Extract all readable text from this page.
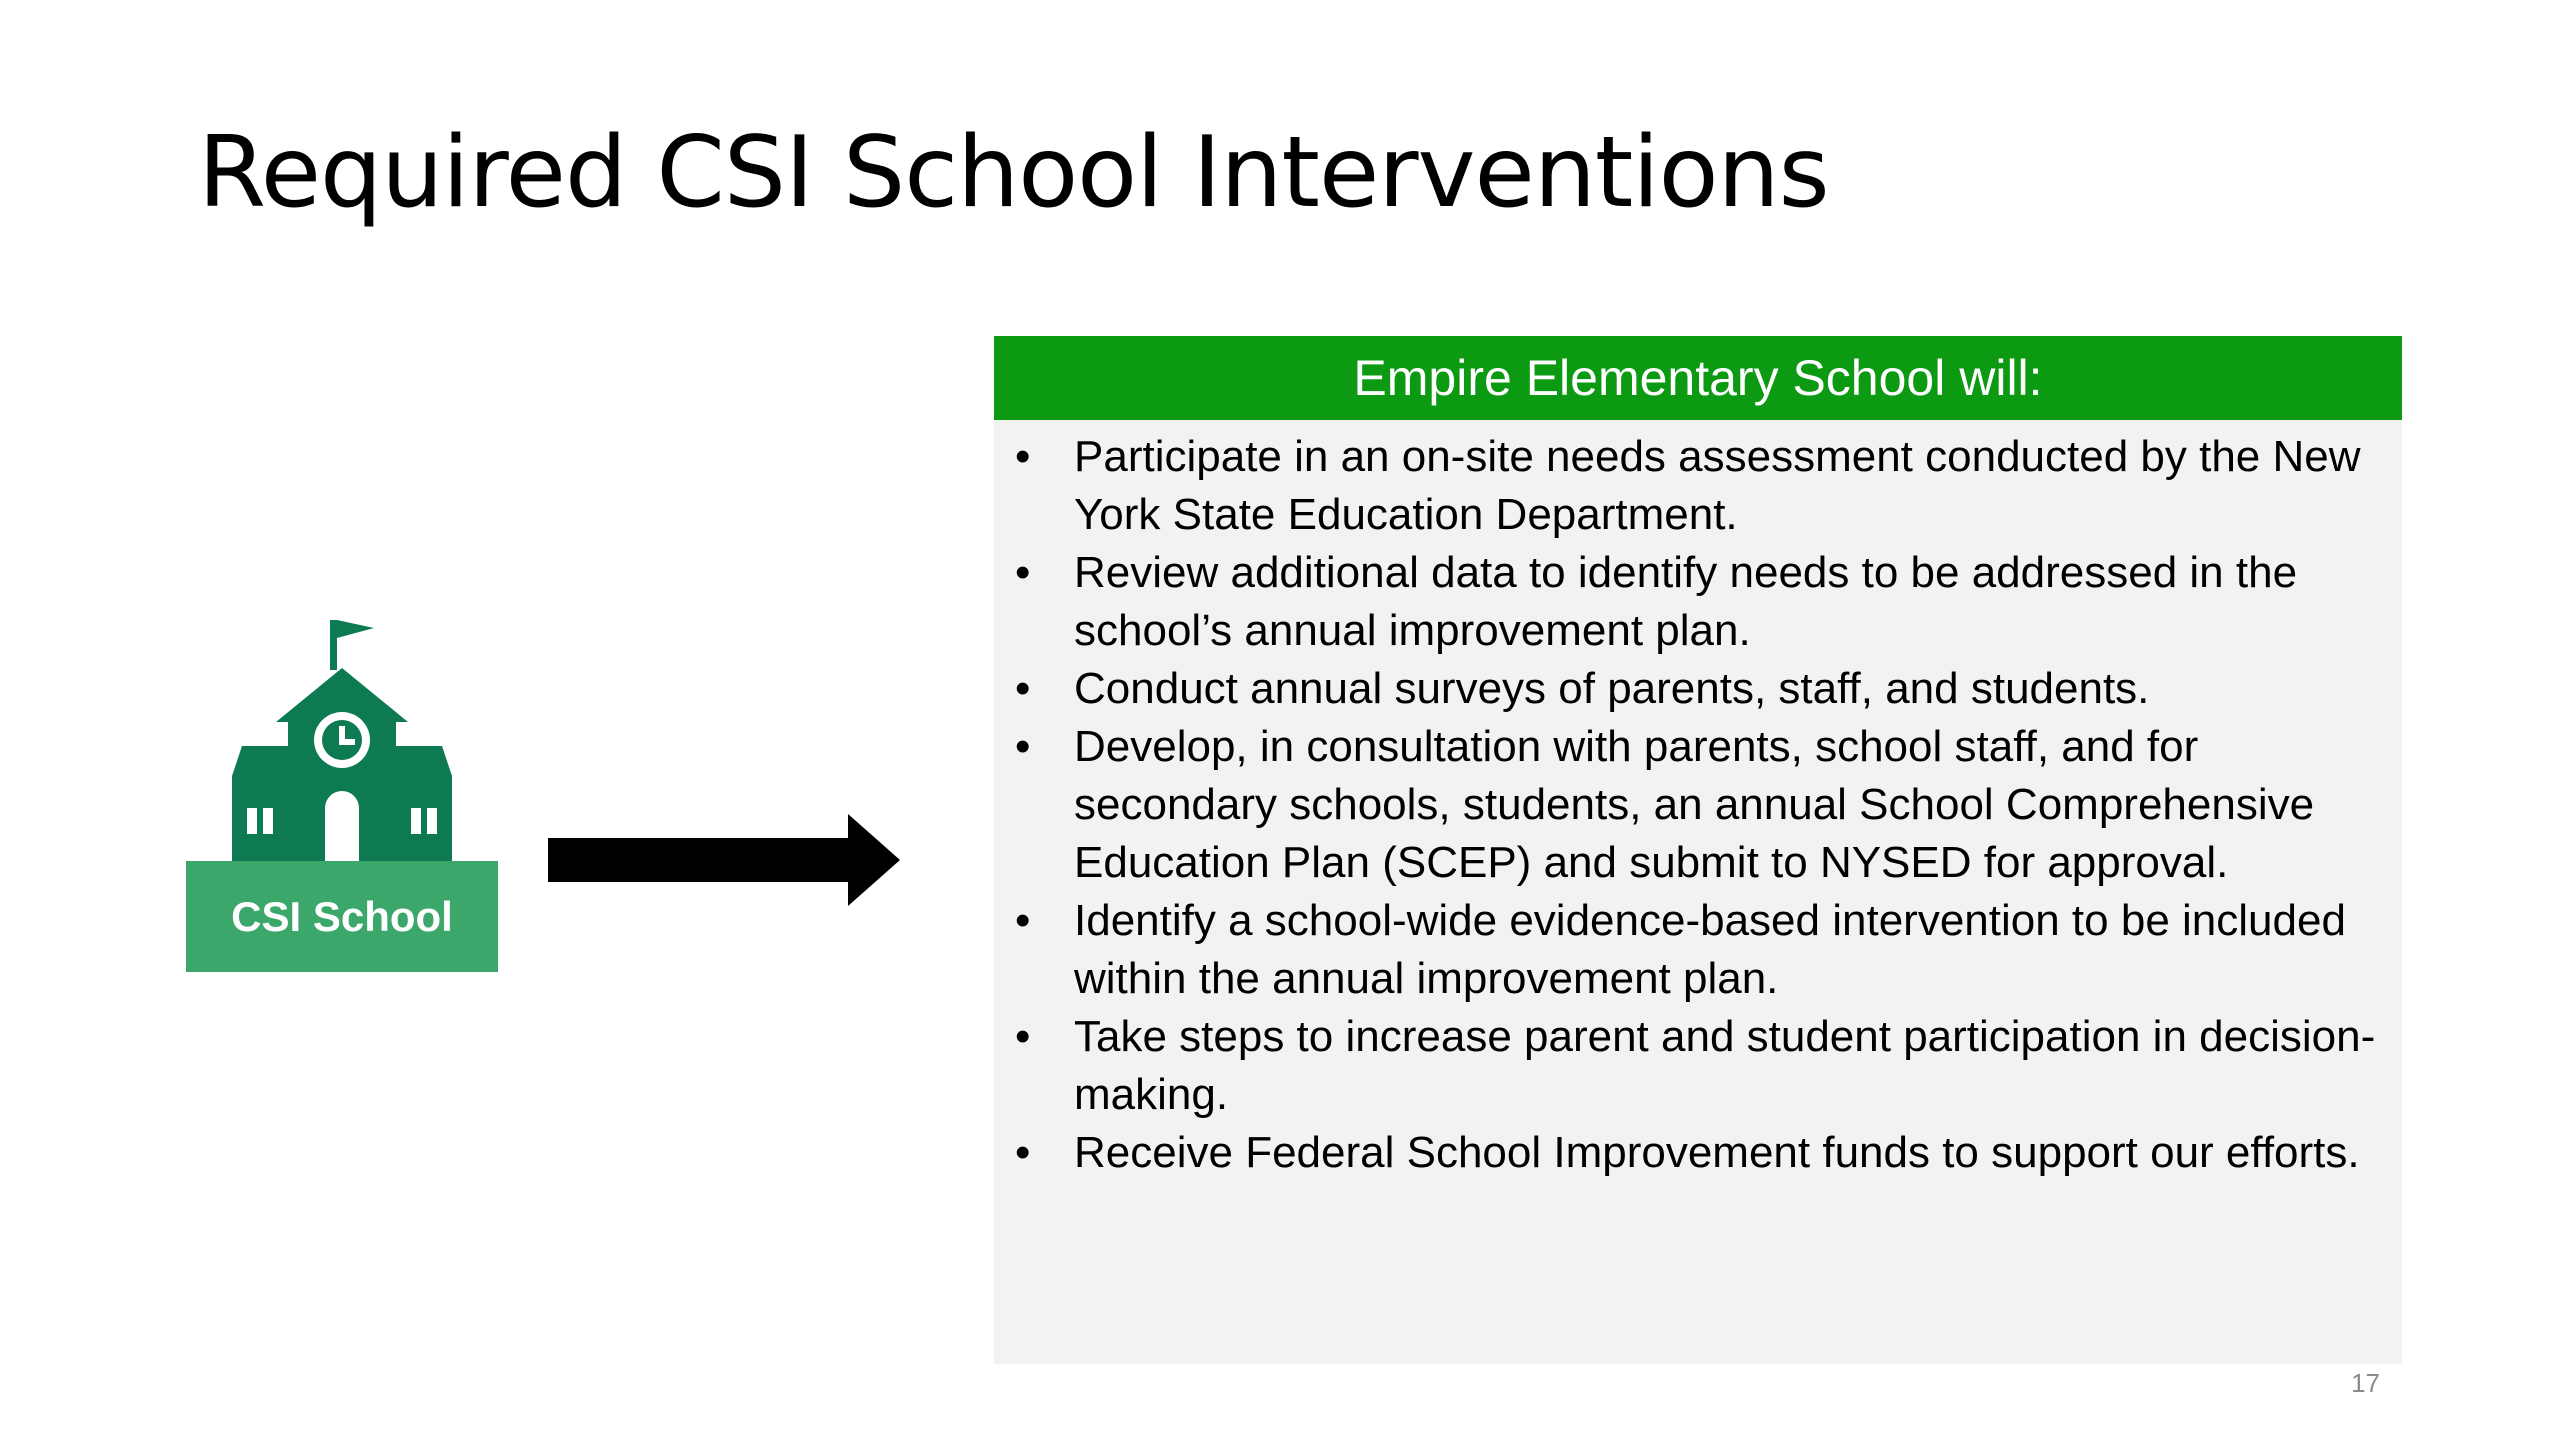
Required CSI School Interventions
CSI School
Empire Elementary School will:
• Participate in an on-site needs assessment conducted by the New York State Education Department.
• Review additional data to identify needs to be addressed in the school’s annual improvement plan.
• Conduct annual surveys of parents, staff, and students.
• Develop, in consultation with parents, school staff, and for secondary schools, students, an annual School Comprehensive Education Plan (SCEP) and submit to NYSED for approval.
• Identify a school-wide evidence-based intervention to be included within the annual improvement plan.
• Take steps to increase parent and student participation in decision-making.
• Receive Federal School Improvement funds to support our efforts.
17
